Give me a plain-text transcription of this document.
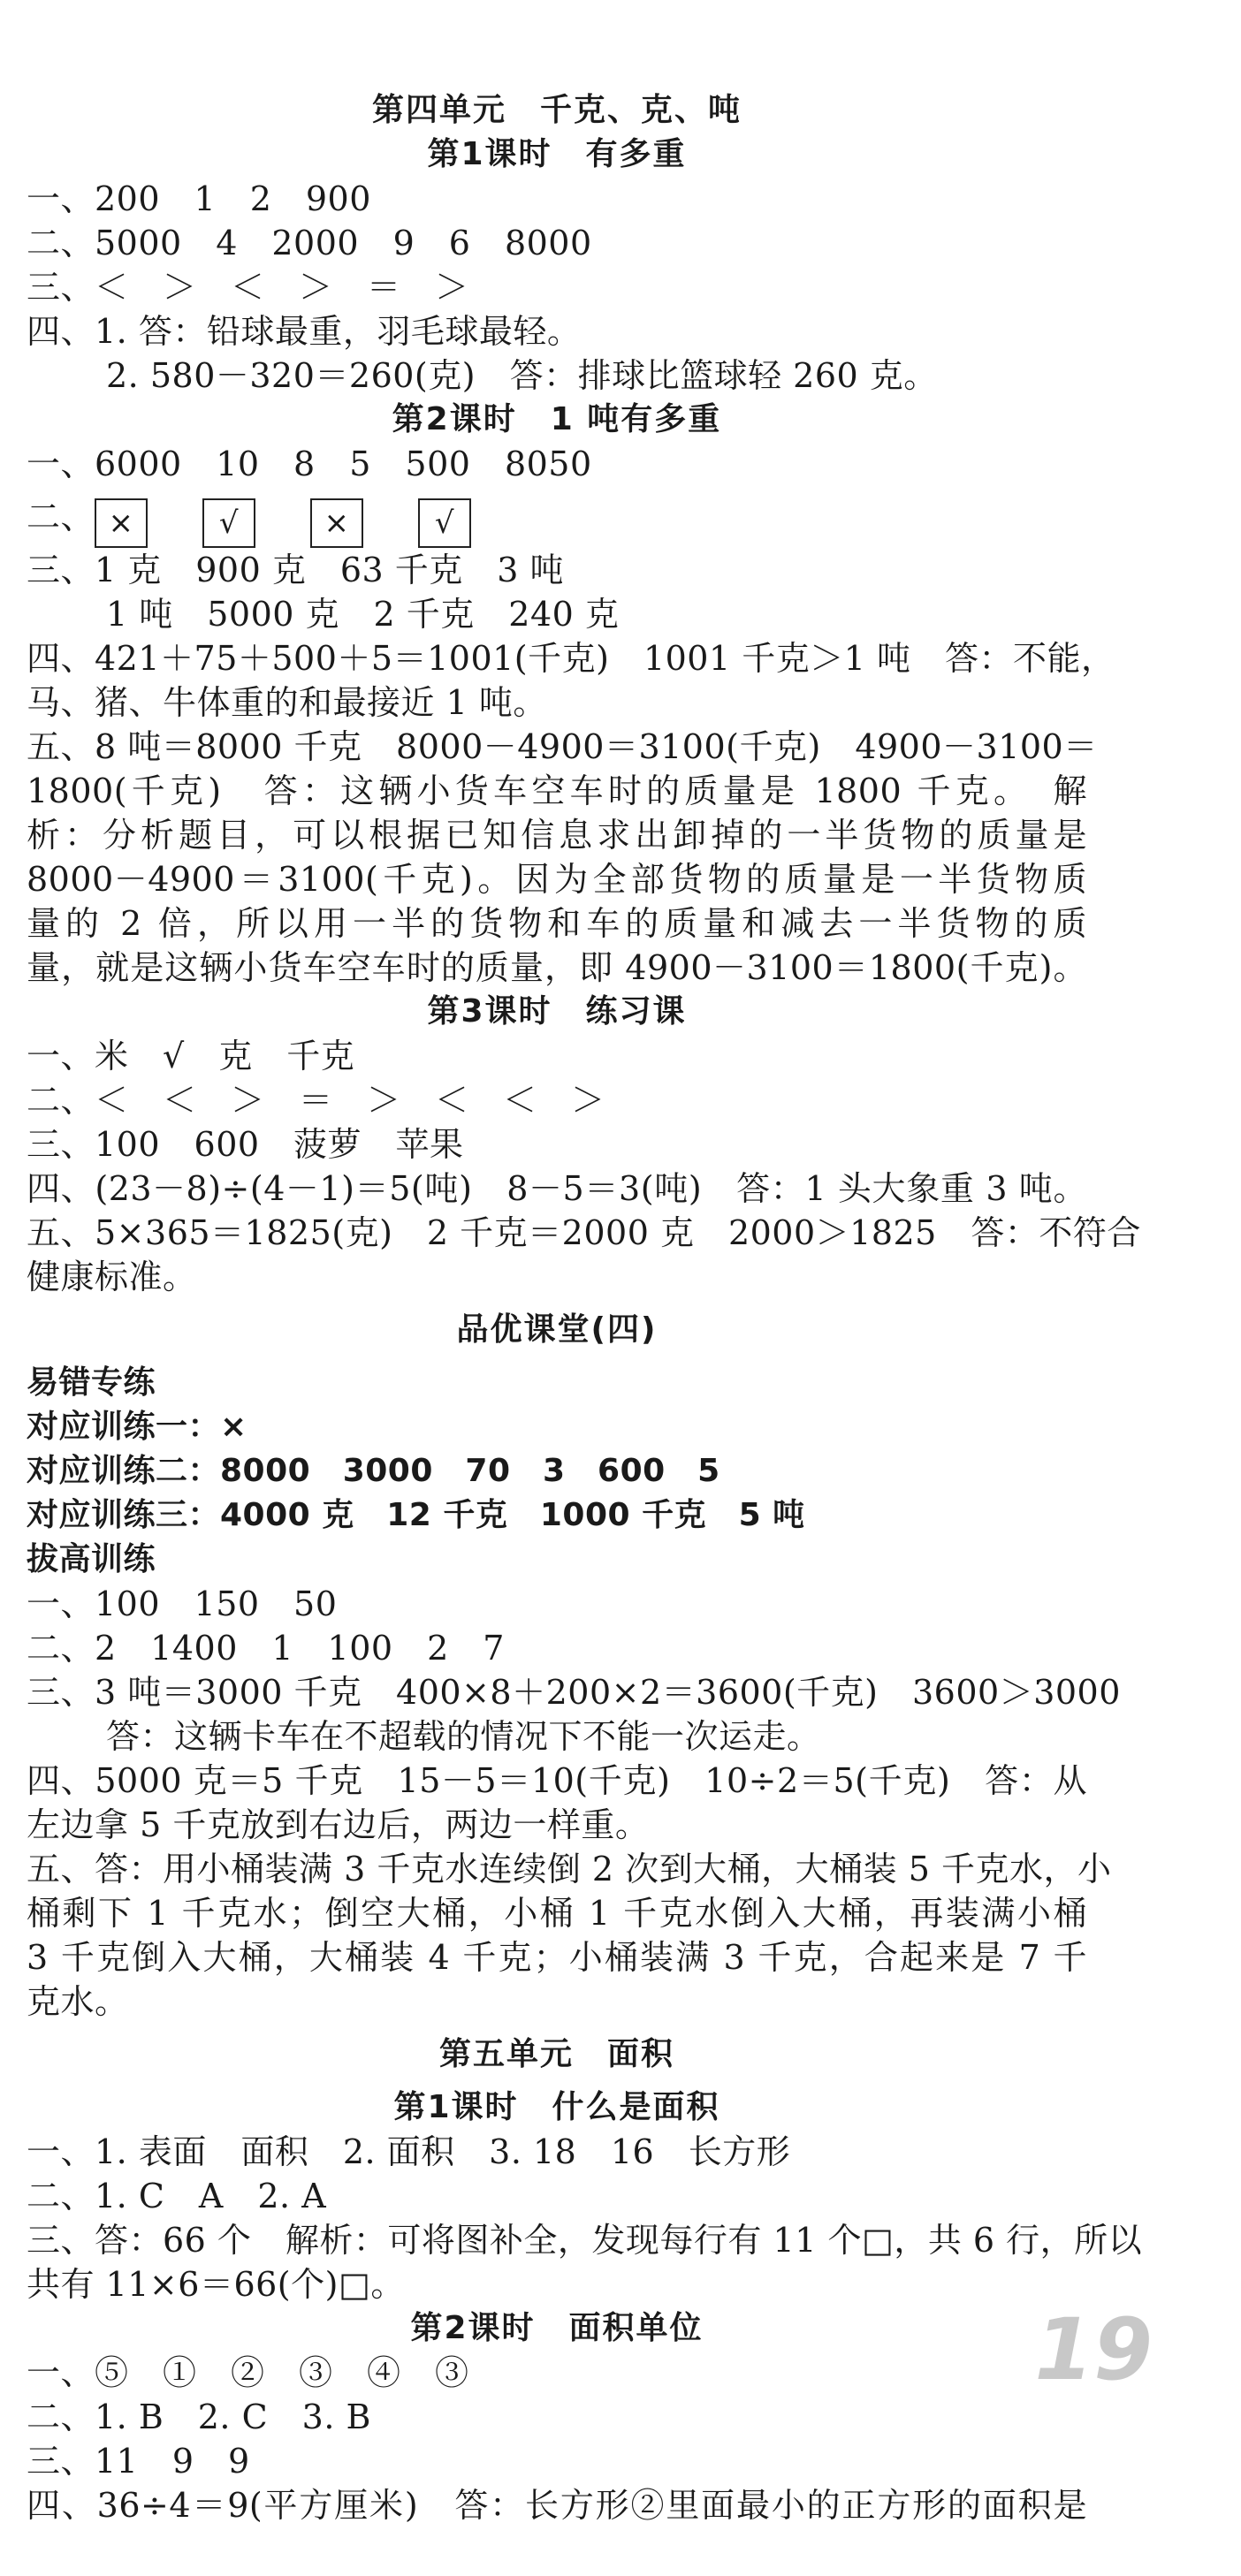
第四单元　千克、克、吨
第1课时　有多重
一、200　1　2　900
二、5000　4　2000　9　6　8000
三、＜　＞　＜　＞　＝　＞
四、1. 答：铅球最重，羽毛球最轻。
2. 580－320＝260(克)　答：排球比篮球轻 260 克。
第2课时　1 吨有多重
一、6000　10　8　5　500　8050
二、 ×	√	×	√
三、1 克　900 克　63 千克　3 吨
1 吨　5000 克　2 千克　240 克
四、421＋75＋500＋5＝1001(千克)　1001 千克＞1 吨　答：不能，
马、猪、牛体重的和最接近 1 吨。
五、8 吨＝8000 千克　8000－4900＝3100(千克)　4900－3100＝
1800(千克)　答：这辆小货车空车时的质量是 1800 千克。　解
析：分析题目，可以根据已知信息求出卸掉的一半货物的质量是
8000－4900＝3100(千克)。因为全部货物的质量是一半货物质
量的 2 倍，所以用一半的货物和车的质量和减去一半货物的质
量，就是这辆小货车空车时的质量，即 4900－3100＝1800(千克)。
第3课时　练习课
一、米　√　克　千克
二、＜　＜　＞　＝　＞　＜　＜　＞
三、100　600　菠萝　苹果
四、(23－8)÷(4－1)＝5(吨)　8－5＝3(吨)　答：1 头大象重 3 吨。
五、5×365＝1825(克)　2 千克＝2000 克　2000＞1825　答：不符合
健康标准。
品优课堂(四)
易错专练
对应训练一：×
对应训练二：8000　3000　70　3　600　5
对应训练三：4000 克　12 千克　1000 千克　5 吨
拔高训练
一、100　150　50
二、2　1400　1　100　2　7
三、3 吨＝3000 千克　400×8＋200×2＝3600(千克)　3600＞3000
答：这辆卡车在不超载的情况下不能一次运走。
四、5000 克＝5 千克　15－5＝10(千克)　10÷2＝5(千克)　答：从
左边拿 5 千克放到右边后，两边一样重。
五、答：用小桶装满 3 千克水连续倒 2 次到大桶，大桶装 5 千克水，小
桶剩下 1 千克水；倒空大桶，小桶 1 千克水倒入大桶，再装满小桶
3 千克倒入大桶，大桶装 4 千克；小桶装满 3 千克，合起来是 7 千
克水。
第五单元　面积
第1课时　什么是面积
一、1. 表面　面积　2. 面积　3. 18　16　长方形
二、1. C　A　2. A
三、答：66 个　解析：可将图补全，发现每行有 11 个□，共 6 行，所以
共有 11×6＝66(个)□。
第2课时　面积单位
一、⑤　①　②　③　④　③
二、1. B　2. C　3. B
三、11　9　9
四、36÷4＝9(平方厘米)　答：长方形②里面最小的正方形的面积是
19
